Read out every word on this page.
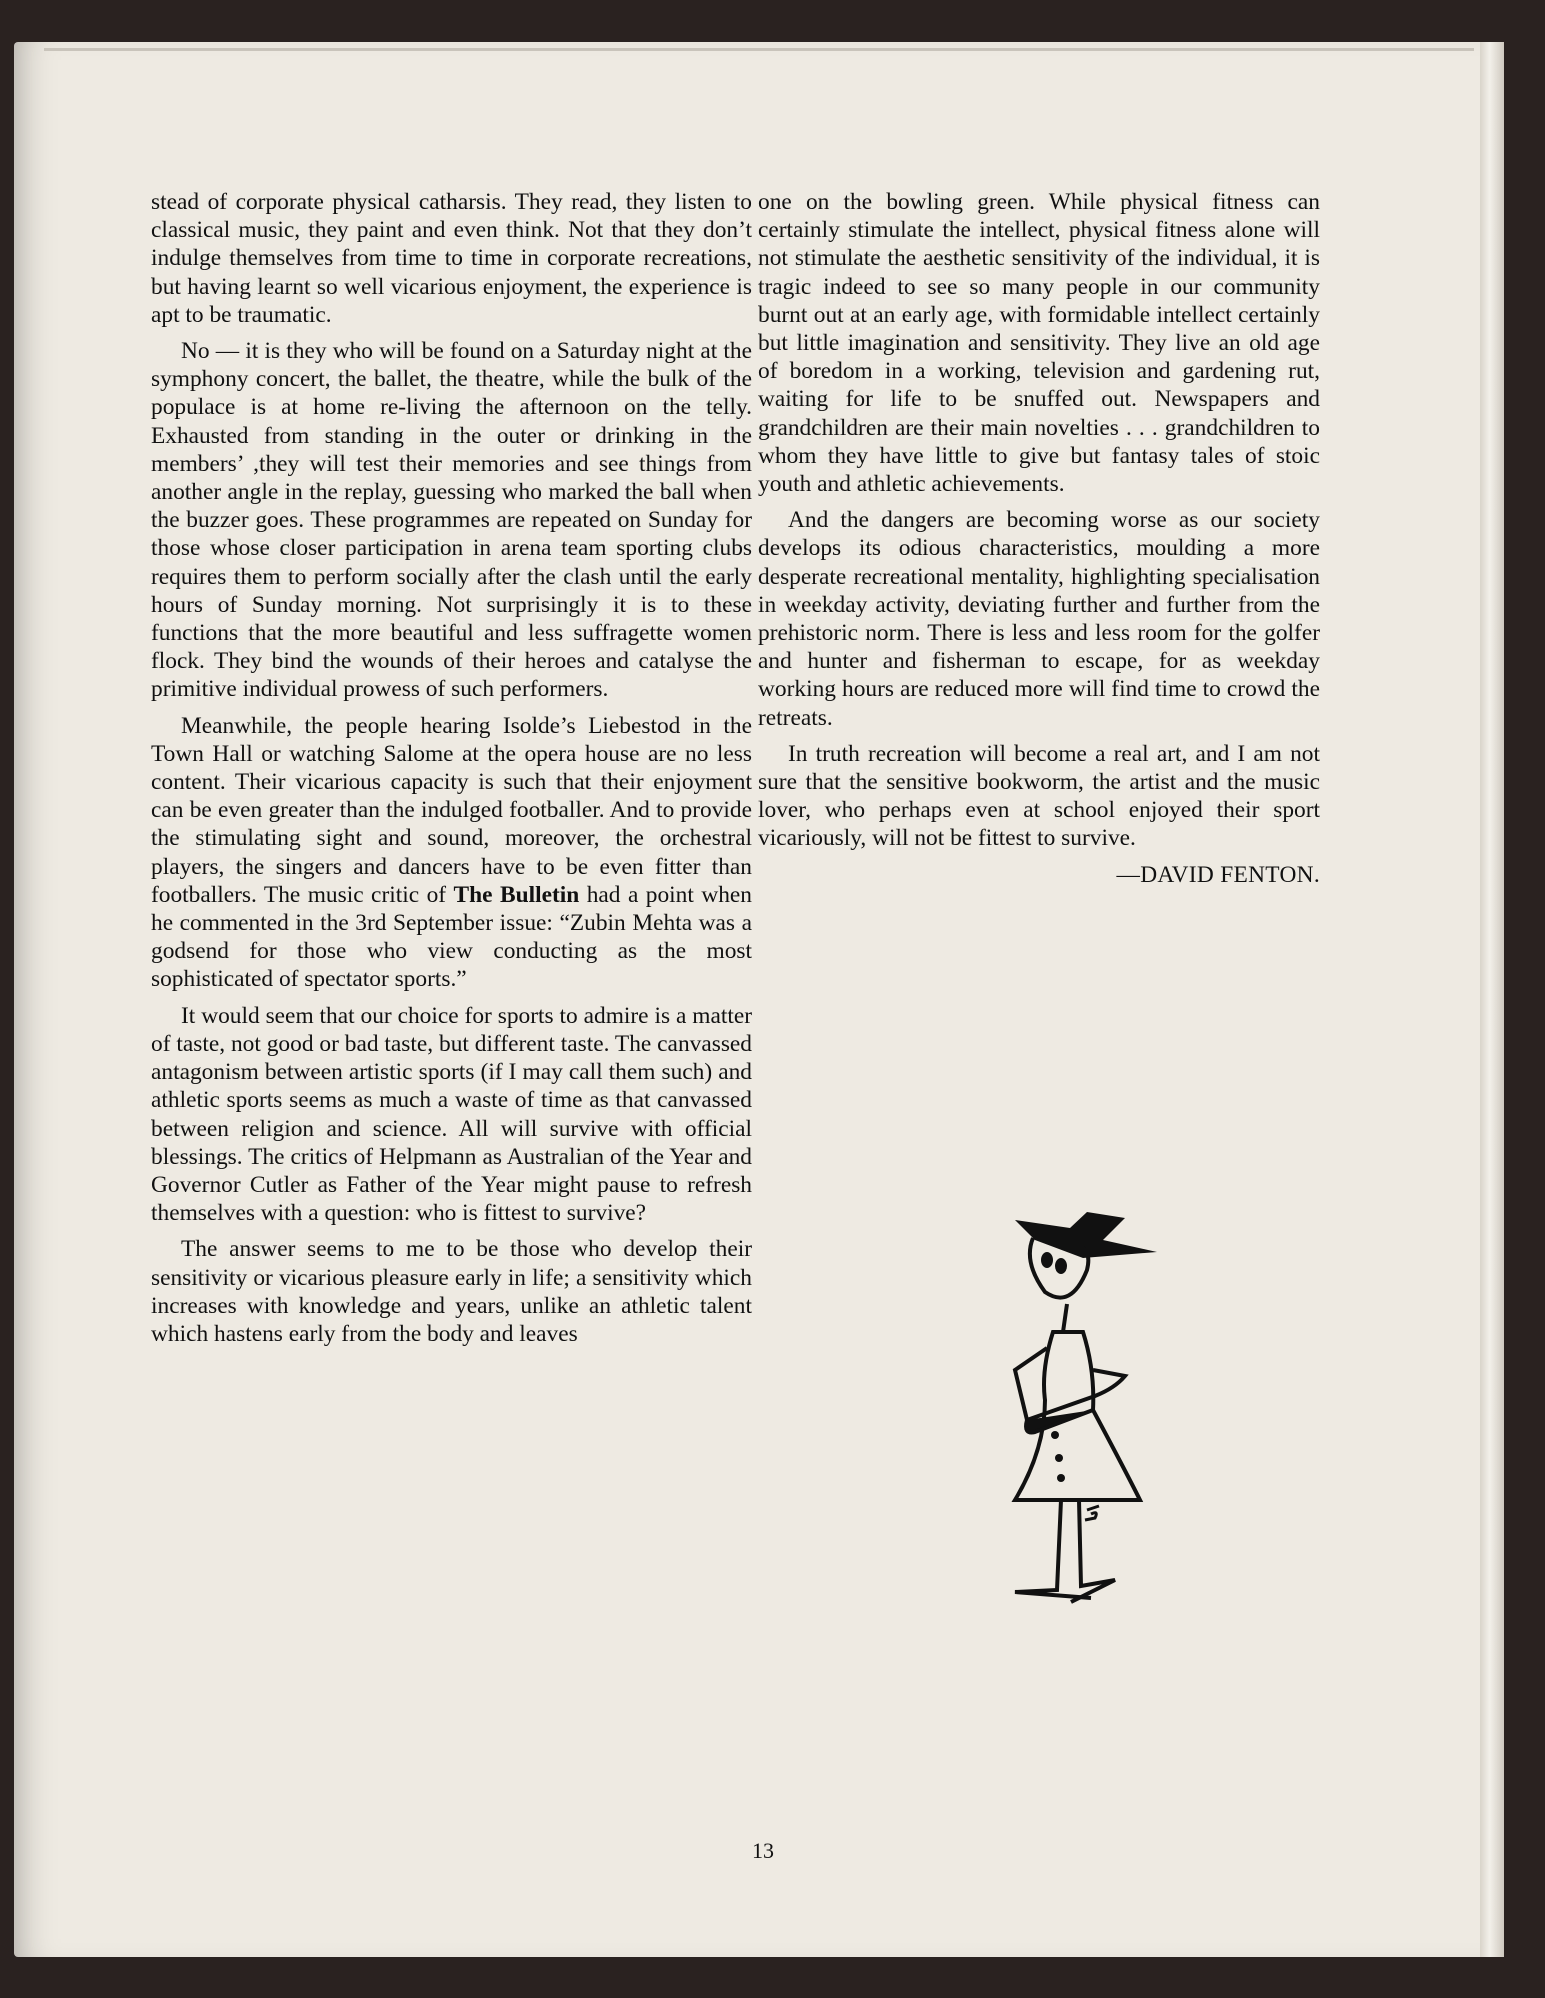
stead of corporate physical catharsis. They read, they listen to classical music, they paint and even think. Not that they don’t indulge themselves from time to time in corporate recreations, but having learnt so well vicarious enjoyment, the experience is apt to be traumatic.

No — it is they who will be found on a Saturday night at the symphony concert, the ballet, the theatre, while the bulk of the populace is at home re-living the afternoon on the telly. Exhausted from standing in the outer or drinking in the members’ ,they will test their memories and see things from another angle in the replay, guessing who marked the ball when the buzzer goes. These programmes are repeated on Sunday for those whose closer participation in arena team sporting clubs requires them to perform socially after the clash until the early hours of Sunday morning. Not surprisingly it is to these functions that the more beautiful and less suffragette women flock. They bind the wounds of their heroes and catalyse the primitive individual prowess of such performers.

Meanwhile, the people hearing Isolde’s Liebestod in the Town Hall or watching Salome at the opera house are no less content. Their vicarious capacity is such that their enjoyment can be even greater than the indulged footballer. And to provide the stimulating sight and sound, moreover, the orchestral players, the singers and dancers have to be even fitter than footballers. The music critic of The Bulletin had a point when he commented in the 3rd September issue: “Zubin Mehta was a godsend for those who view conducting as the most sophisticated of spectator sports.”

It would seem that our choice for sports to admire is a matter of taste, not good or bad taste, but different taste. The canvassed antagonism between artistic sports (if I may call them such) and athletic sports seems as much a waste of time as that canvassed between religion and science. All will survive with official blessings. The critics of Helpmann as Australian of the Year and Governor Cutler as Father of the Year might pause to refresh themselves with a question: who is fittest to survive?

The answer seems to me to be those who develop their sensitivity or vicarious pleasure early in life; a sensitivity which increases with knowledge and years, unlike an athletic talent which hastens early from the body and leaves

one on the bowling green. While physical fitness can certainly stimulate the intellect, physical fitness alone will not stimulate the aesthetic sensitivity of the individual, it is tragic indeed to see so many people in our community burnt out at an early age, with formidable intellect certainly but little imagination and sensitivity. They live an old age of boredom in a working, television and gardening rut, waiting for life to be snuffed out. Newspapers and grandchildren are their main novelties . . . grandchildren to whom they have little to give but fantasy tales of stoic youth and athletic achievements.

And the dangers are becoming worse as our society develops its odious characteristics, moulding a more desperate recreational mentality, highlighting specialisation in weekday activity, deviating further and further from the prehistoric norm. There is less and less room for the golfer and hunter and fisherman to escape, for as weekday working hours are reduced more will find time to crowd the retreats.

In truth recreation will become a real art, and I am not sure that the sensitive bookworm, the artist and the music lover, who perhaps even at school enjoyed their sport vicariously, will not be fittest to survive.

—DAVID FENTON.
13
